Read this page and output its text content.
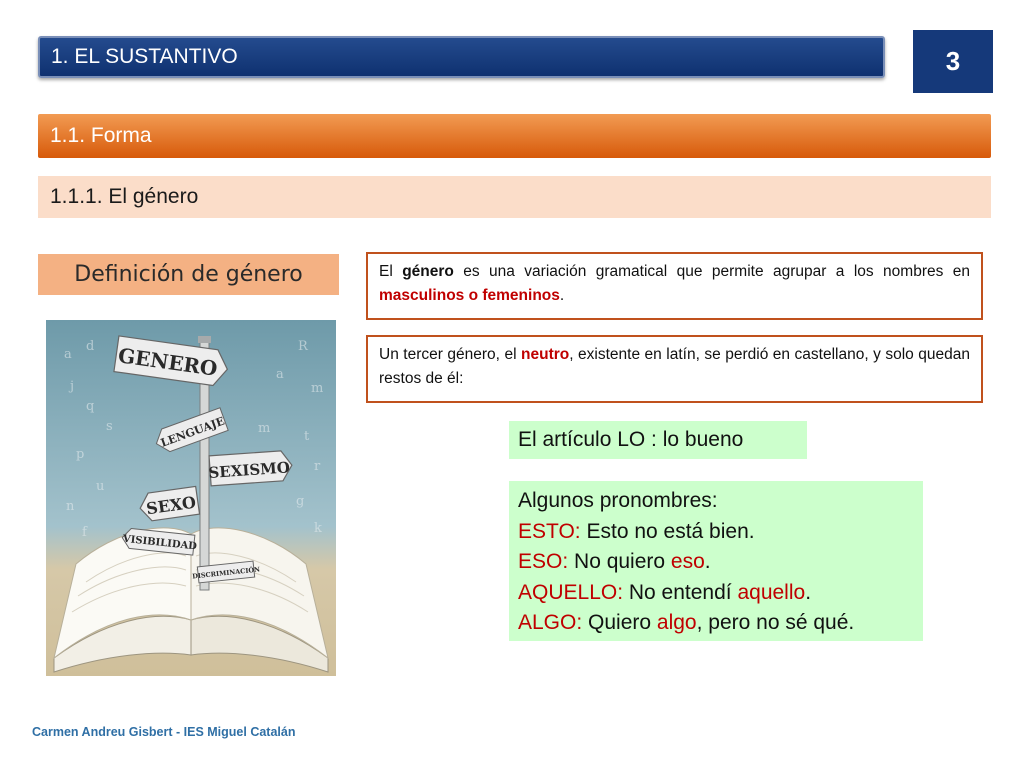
1. EL SUSTANTIVO	3
1.1. Forma
1.1.1. El género
Definición de género	El género es una variación gramatical que permite agrupar a los nombres en masculinos o femeninos.
Un tercer género, el neutro, existente en latín, se perdió en castellano, y solo quedan restos de él:
El artículo LO : lo bueno
Algunos pronombres:
ESTO: Esto no está bien.
ESO: No quiero eso.
AQUELLO: No entendí aquello.
ALGO: Quiero algo, pero no sé qué.
a
d	R
j
q
s
a
m
p
m
t
u
r
n	g
k
f
GENERO
LENGUAJE
SEXISMO
SEXO
VISIBILIDAD
DISCRIMINACIÓN
Carmen Andreu Gisbert - IES Miguel Catalán
